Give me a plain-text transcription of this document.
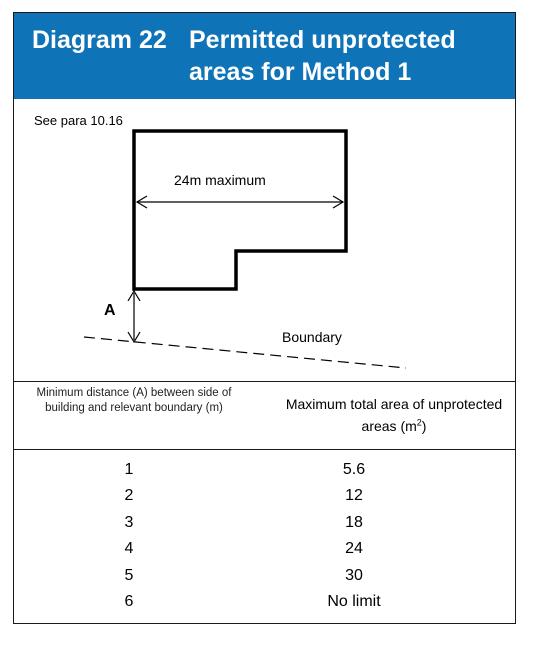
Diagram 22 Permitted unprotected areas for Method 1
See para 10.16
24m maximum
A
Boundary
Minimum distance (A) between side of building and relevant boundary (m)	Maximum total area of unprotected areas $(m^2)$
1	5.6
2	12
3	18
4	24
5	30
6	No limit
